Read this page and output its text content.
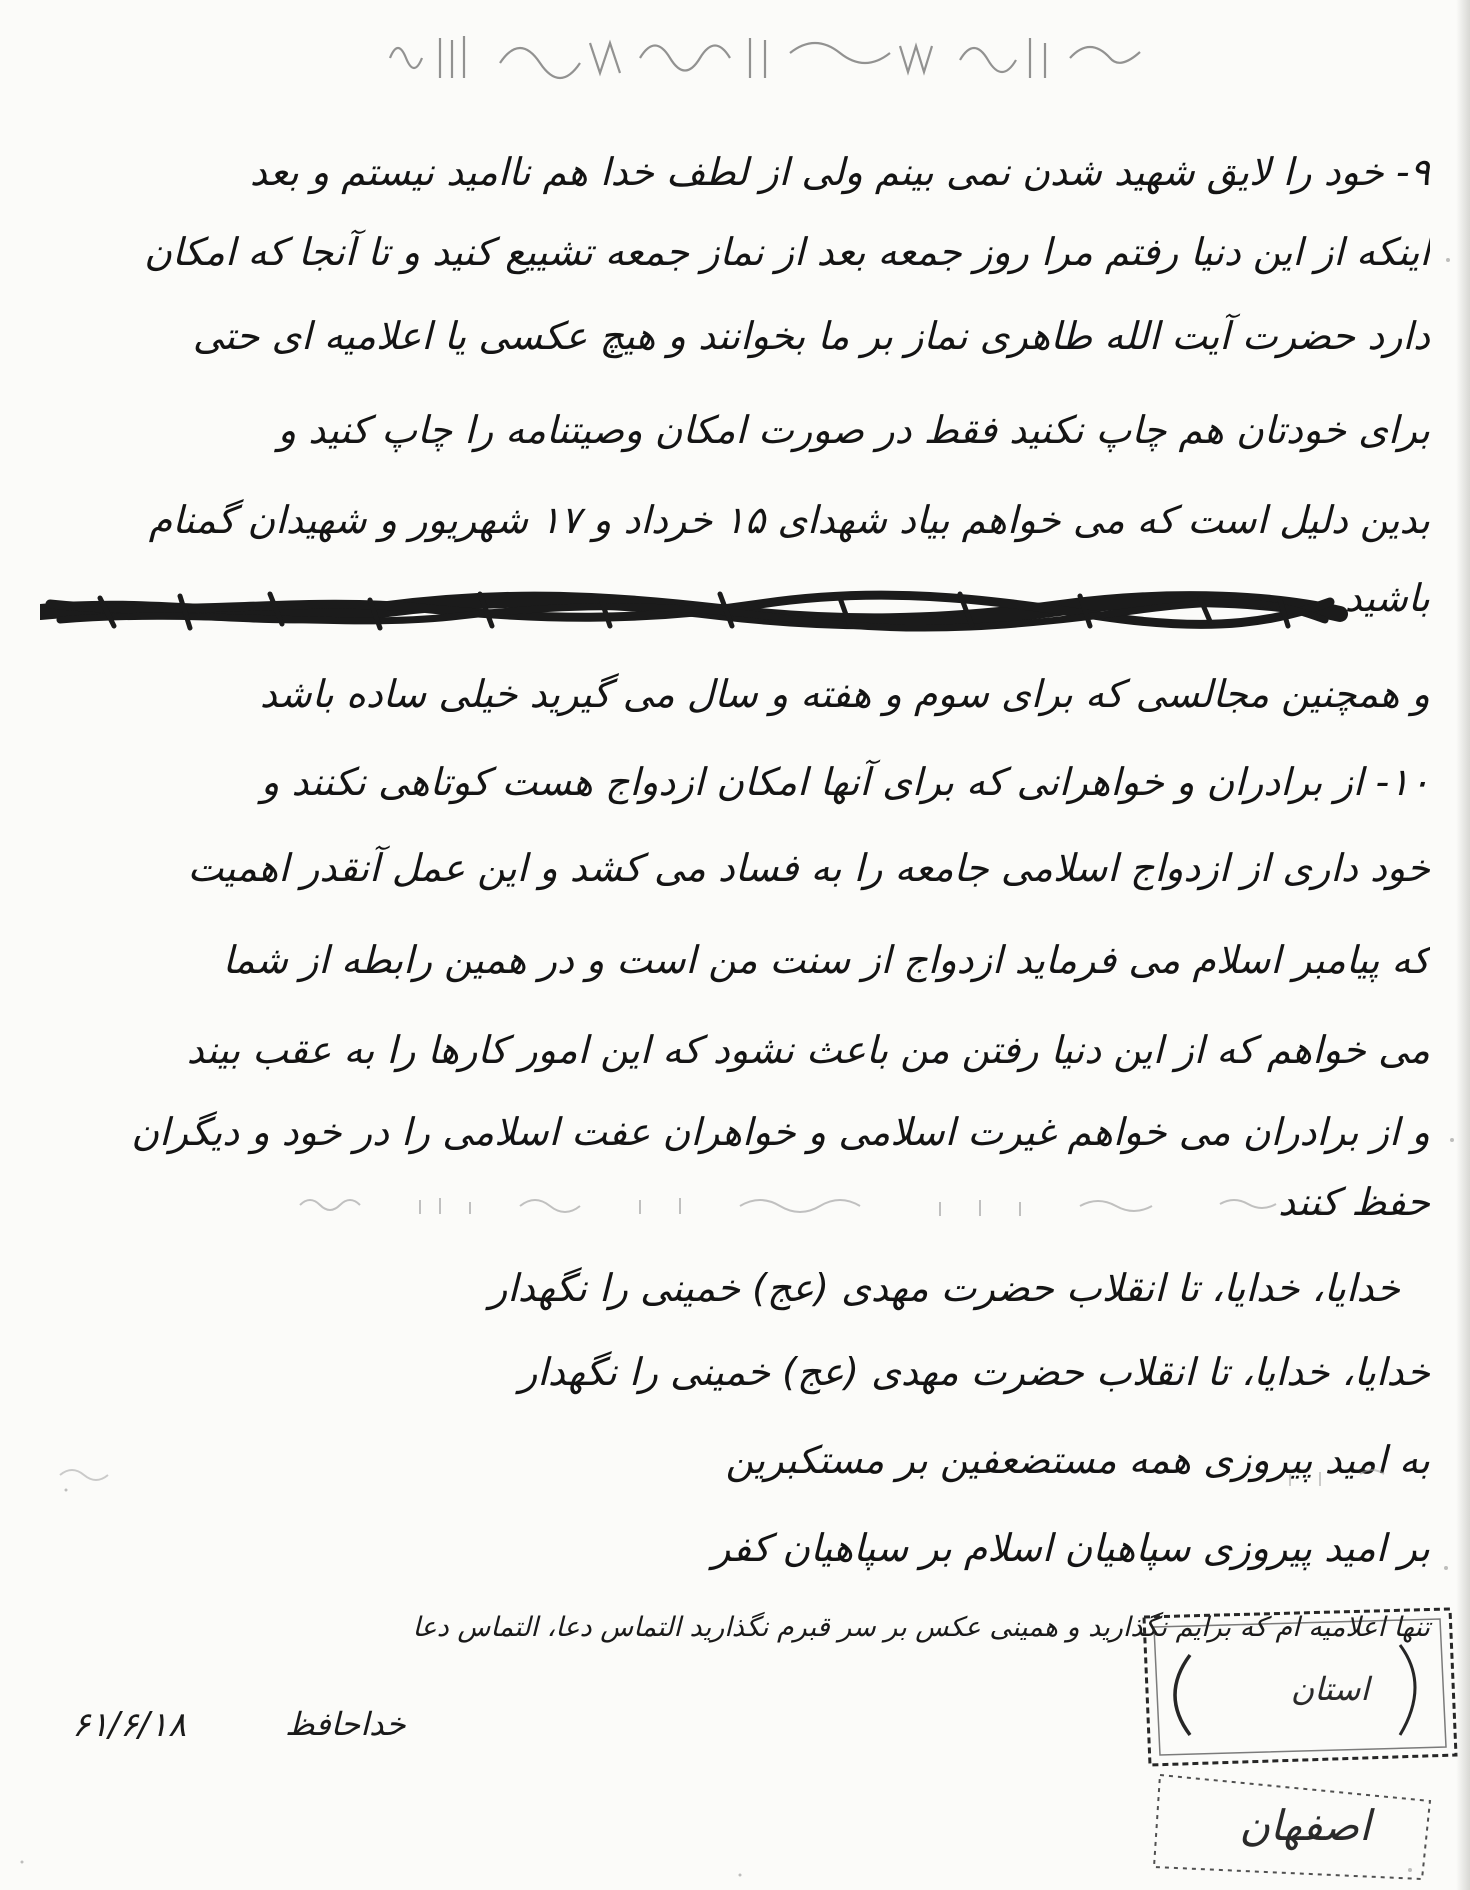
۹- خود را لایق شهید شدن نمی بینم ولی از لطف خدا هم ناامید نیستم و بعد
اینکه از این دنیا رفتم مرا روز جمعه بعد از نماز جمعه تشییع کنید و تا آنجا که امکان
دارد حضرت آیت الله طاهری نماز بر ما بخوانند و هیچ عکسی یا اعلامیه ای حتی
برای خودتان هم چاپ نکنید فقط در صورت امکان وصیتنامه را چاپ کنید و
بدین دلیل است که می خواهم بیاد شهدای ۱۵ خرداد و ۱۷ شهریور و شهیدان گمنام
باشید
و همچنین مجالسی که برای سوم و هفته و سال می گیرید خیلی ساده باشد
۱۰- از برادران و خواهرانی که برای آنها امکان ازدواج هست کوتاهی نکنند و
خود داری از ازدواج اسلامی جامعه را به فساد می کشد و این عمل آنقدر اهمیت
که پیامبر اسلام می فرماید ازدواج از سنت من است و در همین رابطه از شما
می خواهم که از این دنیا رفتن من باعث نشود که این امور کارها را به عقب بیند
و از برادران می خواهم غیرت اسلامی و خواهران عفت اسلامی را در خود و دیگران
حفظ کنند
خدایا، خدایا، تا انقلاب حضرت مهدی (عج) خمینی را نگهدار
خدایا، خدایا، تا انقلاب حضرت مهدی (عج) خمینی را نگهدار
به امید پیروزی همه مستضعفین بر مستکبرین
بر امید پیروزی سپاهیان اسلام بر سپاهیان کفر
تنها اعلامیه ام که برایم نگذارید و همینی عکس بر سر قبرم نگذارید التماس دعا، التماس دعا
خداحافظ
۶۱/۶/۱۸
استان
اصفهان
